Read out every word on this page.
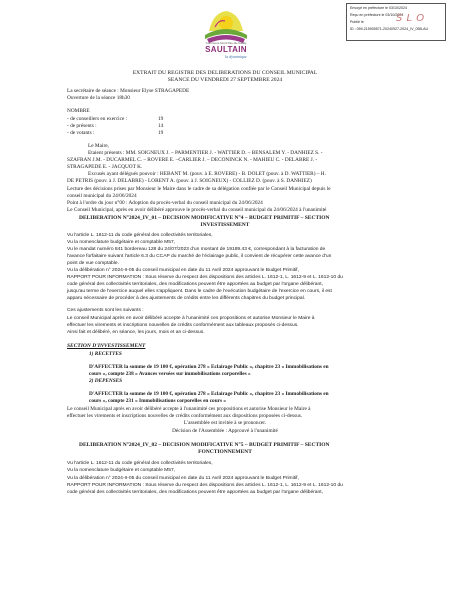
Envoyé en préfecture le 03/10/2024
Reçu en préfecture le 03/10/2024
Publié le
ID : 059-215905571-20240927-2024_IV_05B-AU
S L O
Commune Nord Pas-de-Calais
SAULTAIN
la dynamique
EXTRAIT DU REGISTRE DES DELIBERATIONS DU CONSEIL MUNICIPAL
SEANCE DU VENDREDI 27 SEPTEMBRE 2024
La secrétaire de séance : Monsieur Elyse STRAGAPEDE
Ouverture de la séance 18h30
NOMBRE
- de conseillers en exercice :	19
- de présents :	14
- de votants :	19
Le Maire,
Etaient présents : MM. SOIGNEUX J. – PARMENTIER J. - WATTIER D. – BENSALEM Y. - DANHIEZ S. -
SZAFRAN J.M. - DUCARMEL C. – ROVERE E. –CARLIER J. – DECONINCK N. - MAHIEU C. - DELABRE J. -
STRAGAPEDE E. - JACQUOT K.
Excusés ayant délégués pouvoir : HEBANT M. (pouv. à E. ROVERE) - B. DOLET (pouv. à D. WATTIER) – H.
DE PETRIS (pouv. à J. DELABRE) - LORENT A. (pouv. à J. SOIGNEUX) - COLLIEZ D. (pouv. à S. DANHIEZ)
Lecture des décisions prises par Monsieur le Maire dans le cadre de sa délégation confiée par le Conseil Municipal depuis le
conseil municipal du 24/06/2024
Point à l'ordre du jour n°00 : Adoption du procès-verbal du conseil municipal du 24/06/2024
Le Conseil Municipal, après en avoir délibéré approuve le procès-verbal du conseil municipal du 24/06/2024 à l'unanimité
DELIBERATION N°2024_IV_01 – DECISION MODIFICATIVE N°4 – BUDGET PRIMITIF – SECTION
INVESTISSEMENT
Vu l'article L. 1612-11 du code général des collectivités territoriales,
Vu la nomenclature budgétaire et comptable M57,
Vu le mandat numéro 841 bordereau 128 du 24/07/2023 d'un montant de 19189.43 €, correspondant à la facturation de
l'avance forfaitaire suivant l'article 6.3 du CCAP du marché de l'éclairage public, il convient de récupérer cette avance d'un
point de vue comptable.
Vu la délibération n° 2024-II-05 du conseil municipal en date du 11 Avril 2024 approuvant le Budget Primitif,
RAPPORT POUR INFORMATION : Sous réserve du respect des dispositions des articles L. 1612-1, L. 1612-9 et L. 1612-10 du
code général des collectivités territoriales, des modifications peuvent être apportées au budget par l'organe délibérant,
jusqu'au terme de l'exercice auquel elles s'appliquent. Dans le cadre de l'exécution budgétaire de l'exercice en cours, il est
apparu nécessaire de procéder à des ajustements de crédits entre les différents chapitres du budget principal.
Ces ajustements sont les suivants :
Le conseil Municipal après en avoir délibéré accepte à l'unanimité ces propositions et autorise Monsieur le Maire à
effectuer les virements et inscriptions nouvelles de crédits conformément aux tableaux proposés ci-dessus.
Ainsi fait et délibéré, en séance, les jours, mois et an ci-dessus.
SECTION D'INVESTISSEMENT
1) RECETTES
D'AFFECTER la somme de 19 100 €, opération 278 « Eclairage Public », chapitre 23 « Immobilisations en
cours », compte 238 « Avances versées sur immobilisations corporelles »
2) DEPENSES
D'AFFECTER la somme de 19 100 €, opération 278 « Eclairage Public », chapitre 23 « Immobilisations en
cours », compte 231 « Immobilisations corporelles en cours »
Le conseil Municipal après en avoir délibéré accepte à l'unanimité ces propositions et autorise Monsieur le Maire à
effectuer les virements et inscriptions nouvelles de crédits conformément aux dispositions proposées ci-dessus.
L'assemblée est invitée à se prononcer.
Décision de l'Assemblée : Approuvé à l'unanimité
DELIBERATION N°2024_IV_02 – DECISION MODIFICATIVE N°5 – BUDGET PRIMITIF – SECTION
FONCTIONNEMENT
Vu l'article L. 1612-11 du code général des collectivités territoriales,
Vu la nomenclature budgétaire et comptable M57,
Vu la délibération n° 2024-II-05 du conseil municipal en date du 11 Avril 2024 approuvant le Budget Primitif,
RAPPORT POUR INFORMATION : Sous réserve du respect des dispositions des articles L. 1612-1, L. 1612-9 et L. 1612-10 du
code général des collectivités territoriales, des modifications peuvent être apportées au budget par l'organe délibérant,
